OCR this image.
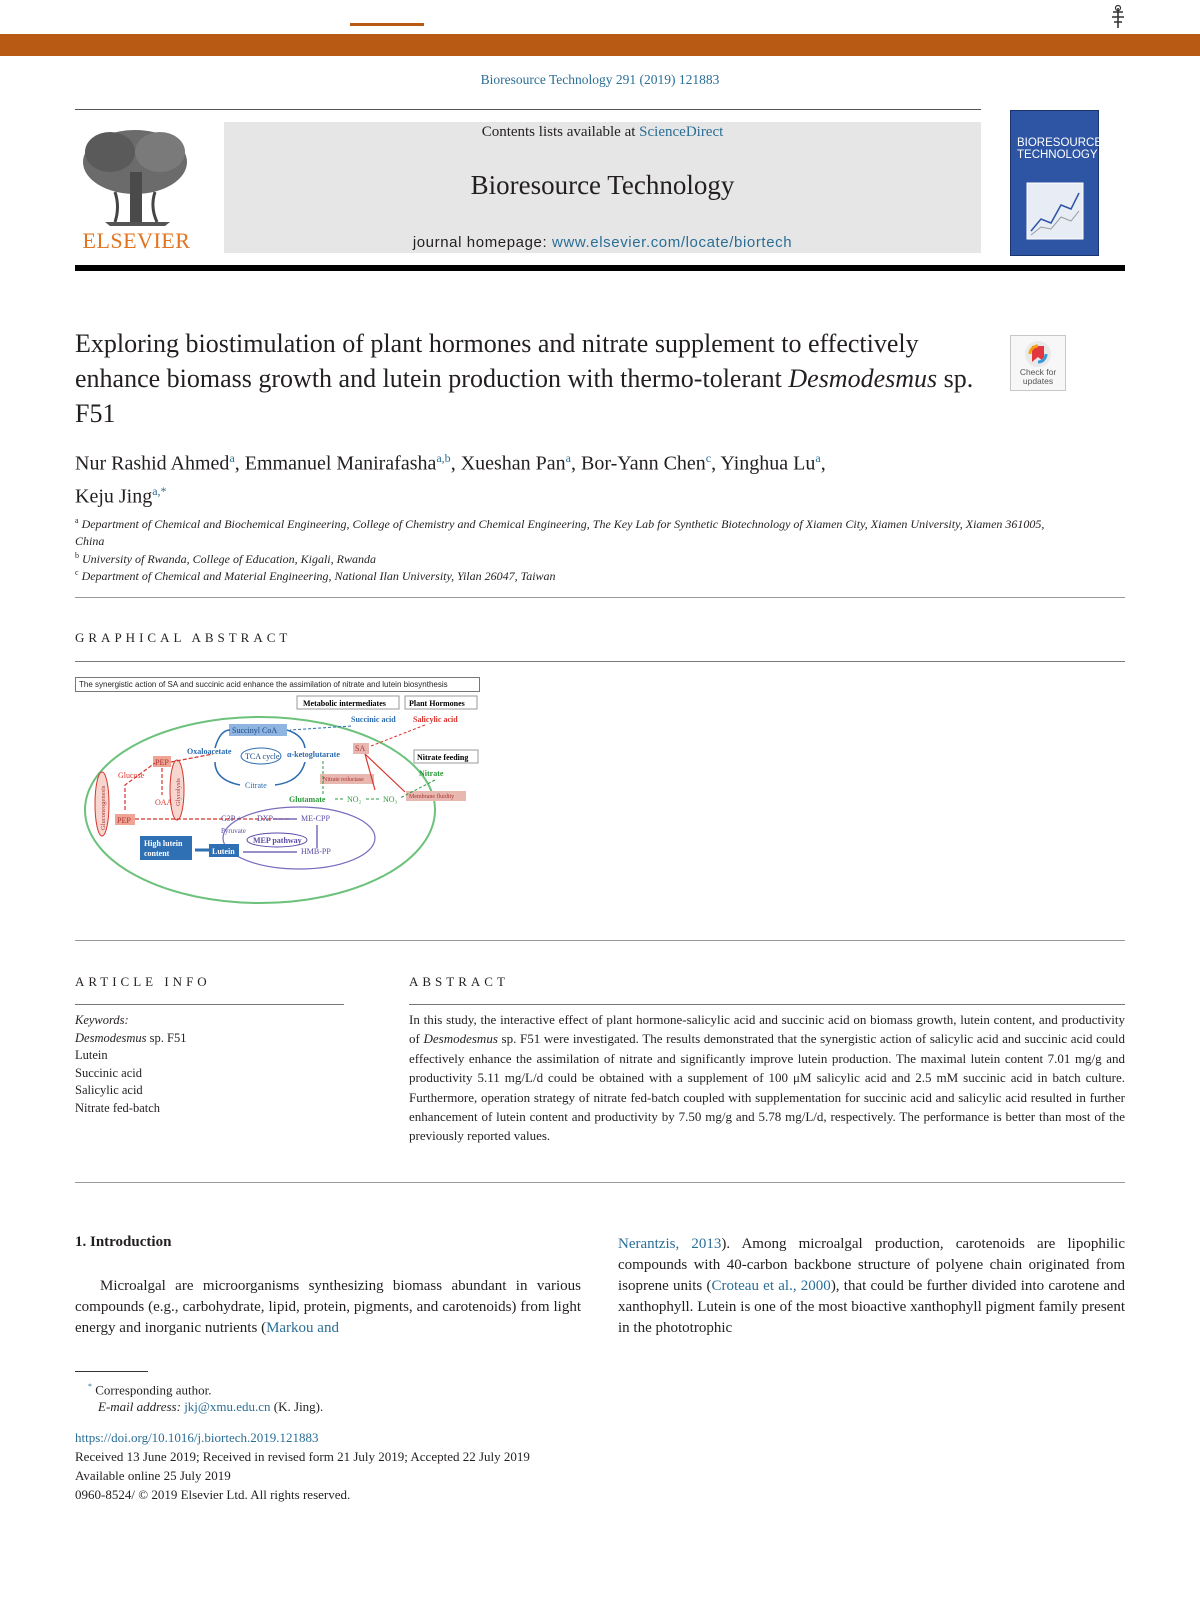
Bioresource Technology 291 (2019) 121883
ELSEVIER
Contents lists available at ScienceDirect
Bioresource Technology
journal homepage: www.elsevier.com/locate/biortech
BIORESOURCE TECHNOLOGY
Exploring biostimulation of plant hormones and nitrate supplement to effectively enhance biomass growth and lutein production with thermo-tolerant Desmodesmus sp. F51
Check for updates
Nur Rashid Ahmed$^a$, Emmanuel Manirafasha$^{a,b}$, Xueshan Pan$^a$, Bor-Yann Chen$^c$, Yinghua Lu$^a$,
Keju Jing$^{a,*}$
$^a$ Department of Chemical and Biochemical Engineering, College of Chemistry and Chemical Engineering, The Key Lab for Synthetic Biotechnology of Xiamen City, Xiamen University, Xiamen 361005, China
$^b$ University of Rwanda, College of Education, Kigali, Rwanda
$^c$ Department of Chemical and Material Engineering, National Ilan University, Yilan 26047, Taiwan
GRAPHICAL ABSTRACT
The synergistic action of SA and succinic acid enhance the assimilation of nitrate and lutein biosynthesis
Metabolic intermediates	Plant Hormones
Succinic acid Salicylic acid
Succinyl CoA
TCA cycle
Oxaloacetate	α-ketoglutarate
Citrate
SA
Nitrate feeding
Nitrate
Nitrate reductase
Membrane fluidity
Glutamate	NO₂	NO₃
PEP
Glucose
Glycolysis
Gluconeogenesis	OAA
PEP	G3P +
Pyruvate
DXP	ME-CPP
MEP pathway
Lutein	HMB-PP
High lutein
content
ARTICLE INFO
Keywords:
Desmodesmus sp. F51
Lutein
Succinic acid
Salicylic acid
Nitrate fed-batch
ABSTRACT
In this study, the interactive effect of plant hormone-salicylic acid and succinic acid on biomass growth, lutein content, and productivity of Desmodesmus sp. F51 were investigated. The results demonstrated that the synergistic action of salicylic acid and succinic acid could effectively enhance the assimilation of nitrate and significantly improve lutein production. The maximal lutein content 7.01 mg/g and productivity 5.11 mg/L/d could be obtained with a supplement of 100 μM salicylic acid and 2.5 mM succinic acid in batch culture. Furthermore, operation strategy of nitrate fed-batch coupled with supplementation for succinic acid and salicylic acid resulted in further enhancement of lutein content and productivity by 7.50 mg/g and 5.78 mg/L/d, respectively. The performance is better than most of the previously reported values.
1. Introduction
Microalgal are microorganisms synthesizing biomass abundant in various compounds (e.g., carbohydrate, lipid, protein, pigments, and carotenoids) from light energy and inorganic nutrients (Markou and
Nerantzis, 2013). Among microalgal production, carotenoids are lipophilic compounds with 40-carbon backbone structure of polyene chain originated from isoprene units (Croteau et al., 2000), that could be further divided into carotene and xanthophyll. Lutein is one of the most bioactive xanthophyll pigment family present in the phototrophic
* Corresponding author.
E-mail address: jkj@xmu.edu.cn (K. Jing).
https://doi.org/10.1016/j.biortech.2019.121883
Received 13 June 2019; Received in revised form 21 July 2019; Accepted 22 July 2019
Available online 25 July 2019
0960-8524/ © 2019 Elsevier Ltd. All rights reserved.
